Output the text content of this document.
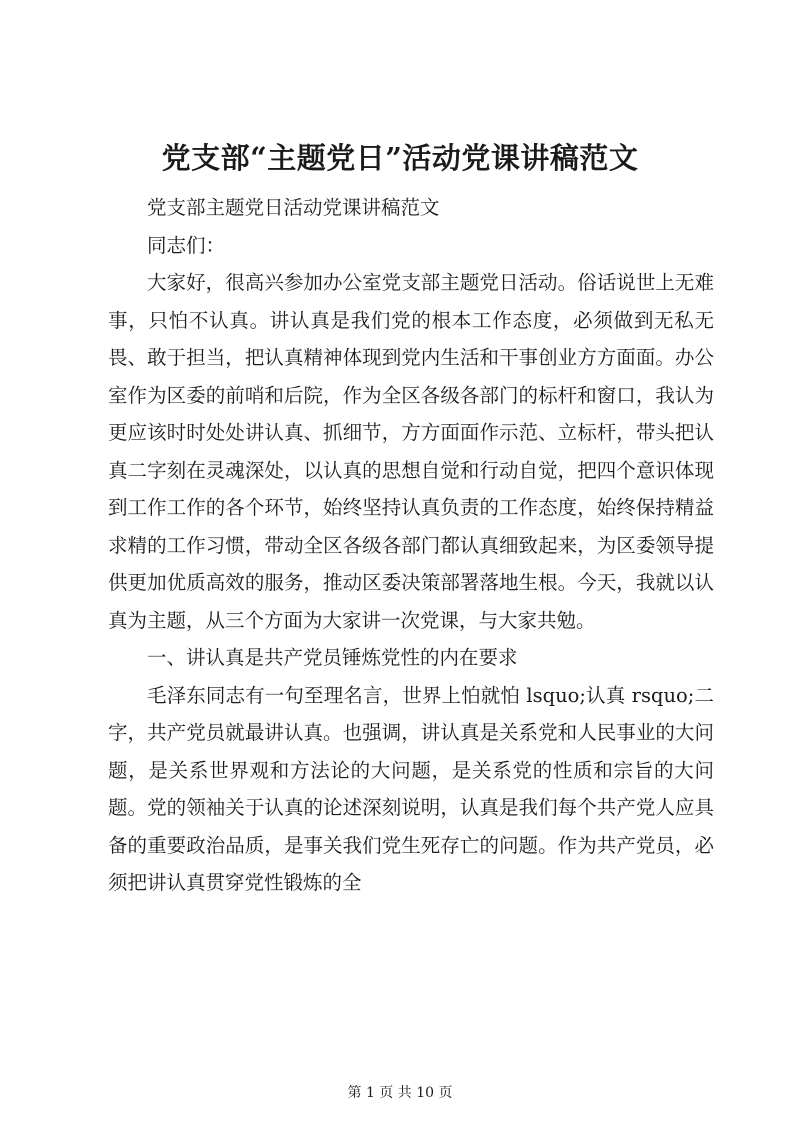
党支部“主题党日”活动党课讲稿范文

党支部主题党日活动党课讲稿范文

同志们：

大家好，很高兴参加办公室党支部主题党日活动。俗话说世上无难事，只怕不认真。讲认真是我们党的根本工作态度，必须做到无私无畏、敢于担当，把认真精神体现到党内生活和干事创业方方面面。办公室作为区委的前哨和后院，作为全区各级各部门的标杆和窗口，我认为更应该时时处处讲认真、抓细节，方方面面作示范、立标杆，带头把认真二字刻在灵魂深处，以认真的思想自觉和行动自觉，把四个意识体现到工作工作的各个环节，始终坚持认真负责的工作态度，始终保持精益求精的工作习惯，带动全区各级各部门都认真细致起来，为区委领导提供更加优质高效的服务，推动区委决策部署落地生根。今天，我就以认真为主题，从三个方面为大家讲一次党课，与大家共勉。

一、讲认真是共产党员锤炼党性的内在要求

毛泽东同志有一句至理名言，世界上怕就怕 lsquo;认真 rsquo;二字，共产党员就最讲认真。也强调，讲认真是关系党和人民事业的大问题，是关系世界观和方法论的大问题，是关系党的性质和宗旨的大问题。党的领袖关于认真的论述深刻说明，认真是我们每个共产党人应具备的重要政治品质，是事关我们党生死存亡的问题。作为共产党员，必须把讲认真贯穿党性锻炼的全

第 1 页 共 10 页
